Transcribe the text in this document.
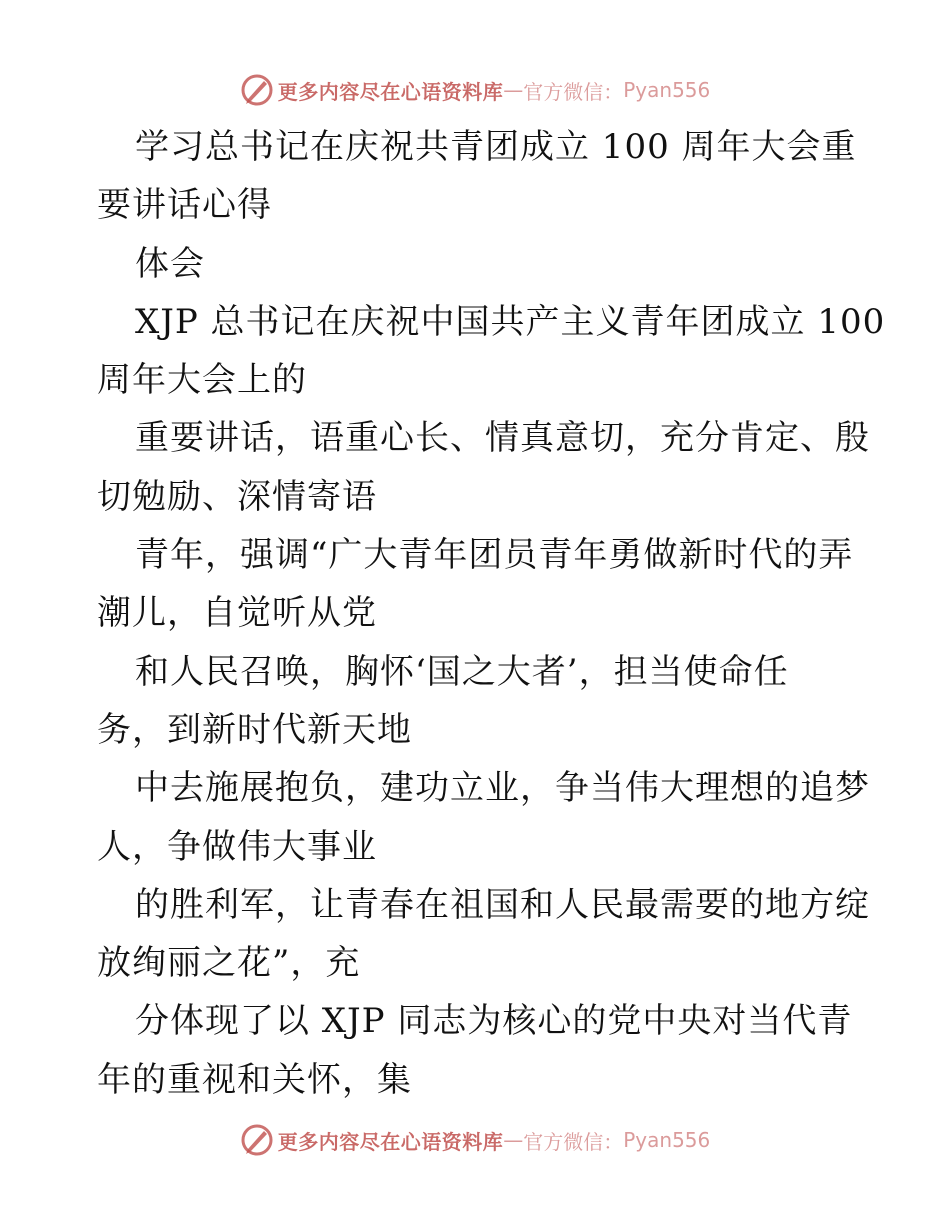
更多内容尽在心语资料库 — 官方微信： Pyan556
学习总书记在庆祝共青团成立 100 周年大会重
要讲话心得
体会
XJP 总书记在庆祝中国共产主义青年团成立 100
周年大会上的
重要讲话，语重心长、情真意切，充分肯定、殷
切勉励、深情寄语
青年，强调“广大青年团员青年勇做新时代的弄
潮儿，自觉听从党
和人民召唤，胸怀‘国之大者’，担当使命任
务，到新时代新天地
中去施展抱负，建功立业，争当伟大理想的追梦
人，争做伟大事业
的胜利军，让青春在祖国和人民最需要的地方绽
放绚丽之花”，充
分体现了以 XJP 同志为核心的党中央对当代青
年的重视和关怀，集
更多内容尽在心语资料库 — 官方微信： Pyan556
